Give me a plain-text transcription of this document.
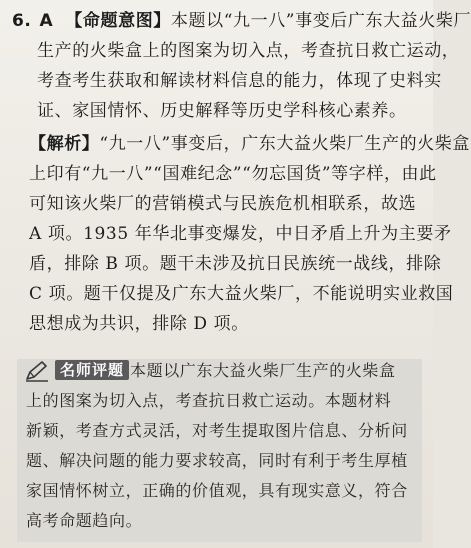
6. A 【命题意图】本题以“九一八”事变后广东大益火柴厂
生产的火柴盒上的图案为切入点，考查抗日救亡运动，
考查考生获取和解读材料信息的能力，体现了史料实
证、家国情怀、历史解释等历史学科核心素养。
【解析】“九一八”事变后，广东大益火柴厂生产的火柴盒
上印有“九一八”“国难纪念”“勿忘国货”等字样，由此
可知该火柴厂的营销模式与民族危机相联系，故选
A 项。1935 年华北事变爆发，中日矛盾上升为主要矛
盾，排除 B 项。题干未涉及抗日民族统一战线，排除
C 项。题干仅提及广东大益火柴厂，不能说明实业救国
思想成为共识，排除 D 项。
名师评题 本题以广东大益火柴厂生产的火柴盒
上的图案为切入点，考查抗日救亡运动。本题材料
新颖，考查方式灵活，对考生提取图片信息、分析问
题、解决问题的能力要求较高，同时有利于考生厚植
家国情怀树立，正确的价值观，具有现实意义，符合
高考命题趋向。
